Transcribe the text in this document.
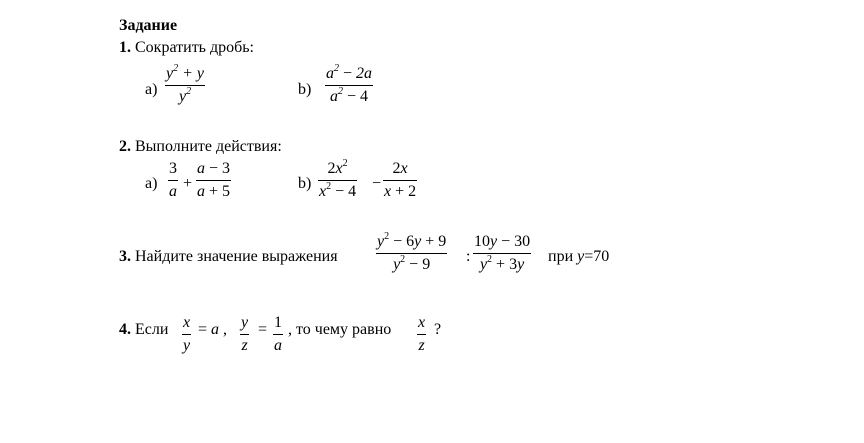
Задание
1. Сократить дробь:
а)
$y^2 + y$
$y^2$	b)
$a^2 - 2a$
$a^2 - 4$
2. Выполните действия:
а)
3
a +
a − 3
a + 5	b)
$2x^2$
$x^2 - 4$ −
2x
x + 2
3. Найдите значение выражения
$y^2 - 6y + 9$
$y^2 - 9$ :
10y − 30
$y^2 + 3y$ при y=70
4. Если x
y
= a , y
z
= 1
a
, то чему равно x
z
?
